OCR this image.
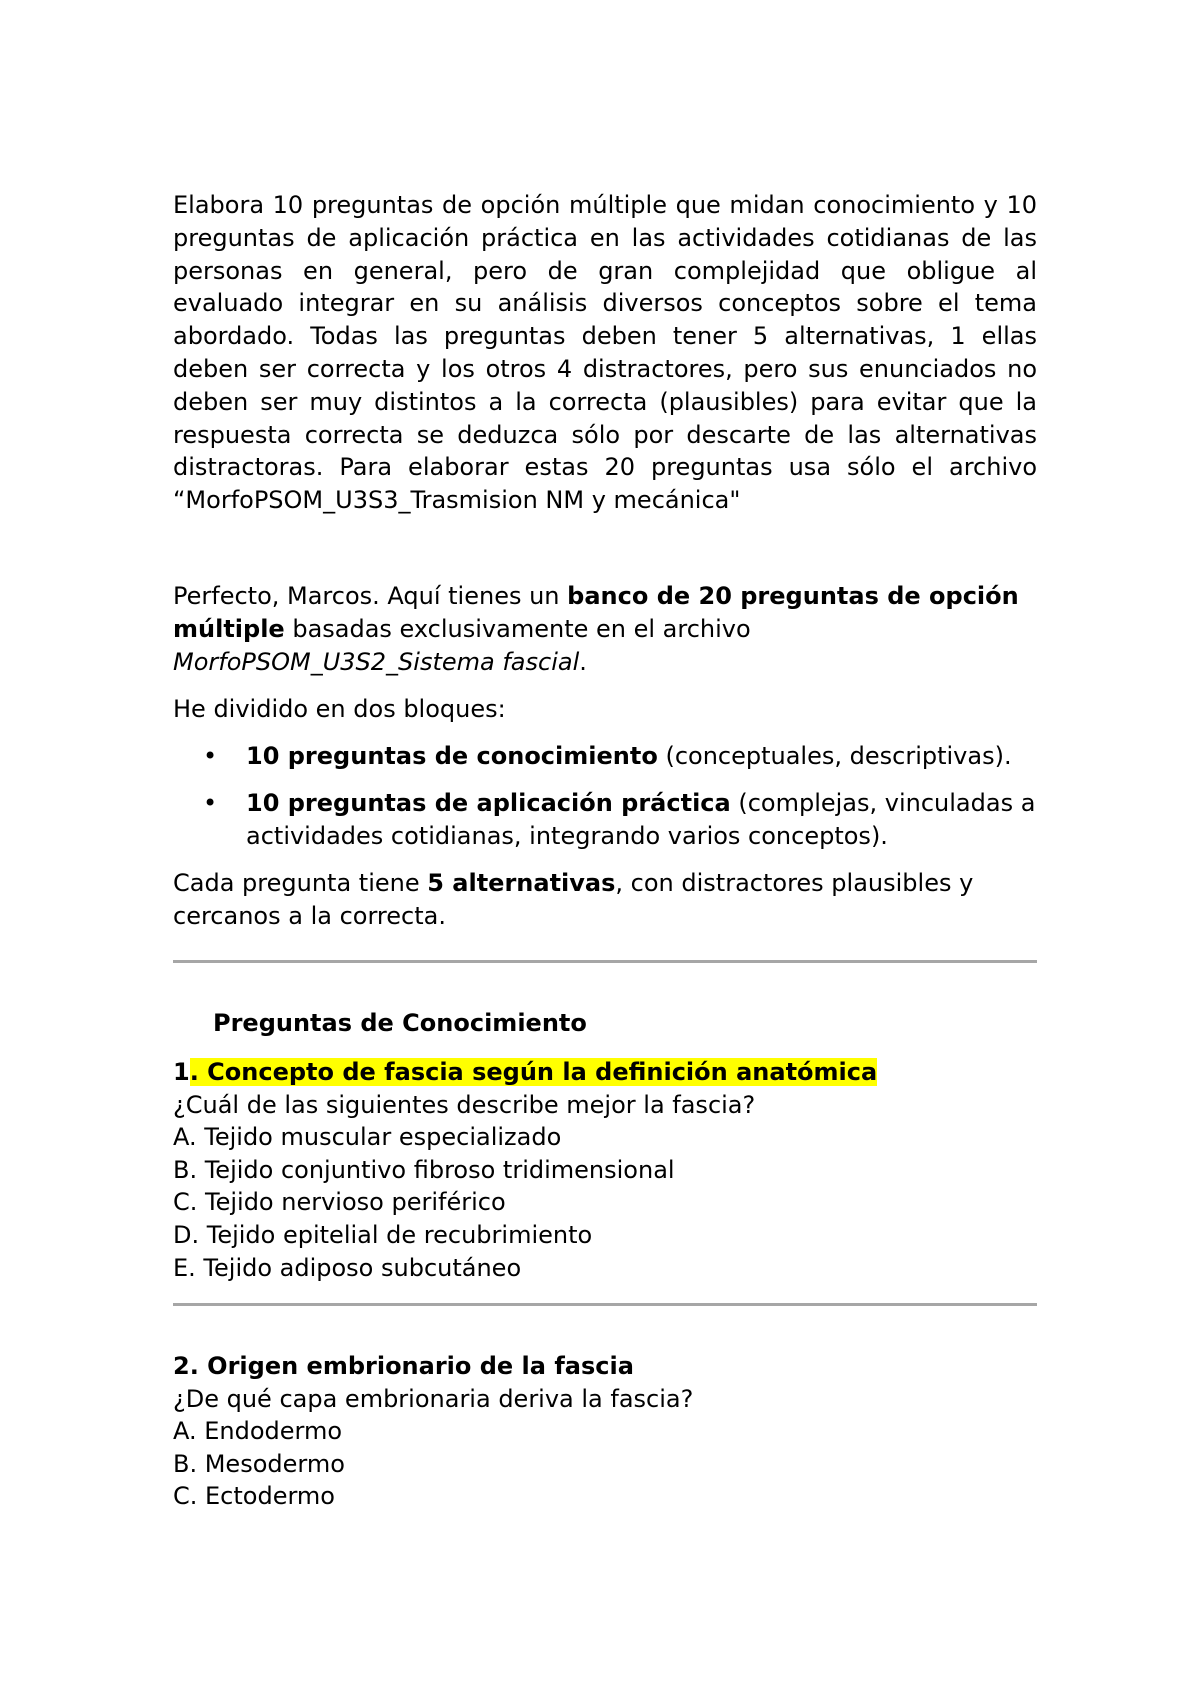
Elabora 10 preguntas de opción múltiple que midan conocimiento y 10 preguntas de aplicación práctica en las actividades cotidianas de las personas en general, pero de gran complejidad que obligue al evaluado integrar en su análisis diversos conceptos sobre el tema abordado. Todas las preguntas deben tener 5 alternativas, 1 ellas deben ser correcta y los otros 4 distractores, pero sus enunciados no deben ser muy distintos a la correcta (plausibles) para evitar que la respuesta correcta se deduzca sólo por descarte de las alternativas distractoras. Para elaborar estas 20 preguntas usa sólo el archivo “MorfoPSOM_U3S3_Trasmision NM y mecánica"

Perfecto, Marcos. Aquí tienes un banco de 20 preguntas de opción múltiple basadas exclusivamente en el archivo
MorfoPSOM_U3S2_Sistema fascial.

He dividido en dos bloques:

• 10 preguntas de conocimiento (conceptuales, descriptivas).
• 10 preguntas de aplicación práctica (complejas, vinculadas a actividades cotidianas, integrando varios conceptos).

Cada pregunta tiene 5 alternativas, con distractores plausibles y cercanos a la correcta.

Preguntas de Conocimiento

1. Concepto de fascia según la definición anatómica
¿Cuál de las siguientes describe mejor la fascia?
A. Tejido muscular especializado
B. Tejido conjuntivo fibroso tridimensional
C. Tejido nervioso periférico
D. Tejido epitelial de recubrimiento
E. Tejido adiposo subcutáneo
2. Origen embrionario de la fascia
¿De qué capa embrionaria deriva la fascia?
A. Endodermo
B. Mesodermo
C. Ectodermo
